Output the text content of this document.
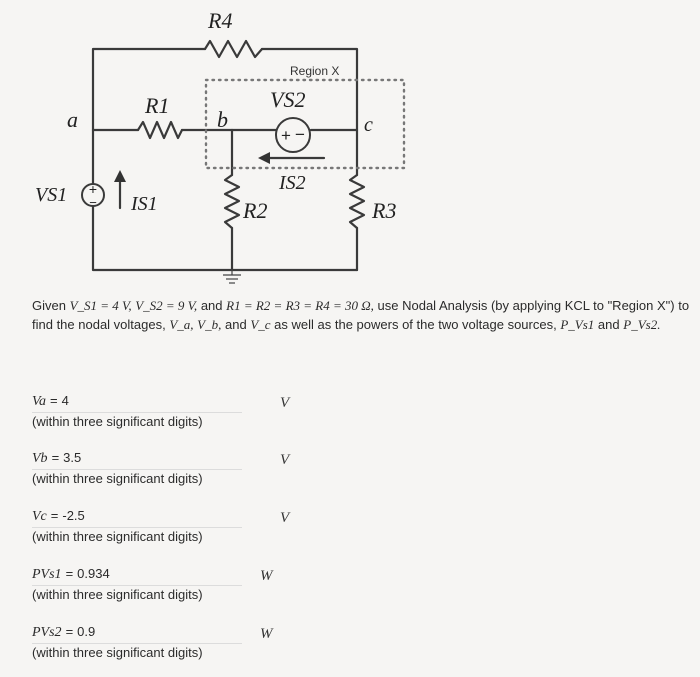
+
−
+ −
Region X
R4
R1
R2	R3
a	b	c
VS1	IS1
VS2
IS2
Given V_S1 = 4 V, V_S2 = 9 V, and R1 = R2 = R3 = R4 = 30 Ω, use Nodal Analysis (by applying KCL to "Region X") to find the nodal voltages, V_a, V_b, and V_c as well as the powers of the two voltage sources, P_Vs1 and P_Vs2.
Va = 4	V
(within three significant digits)
Vb = 3.5	V
(within three significant digits)
Vc = -2.5	V
(within three significant digits)
PVs1 = 0.934	W
(within three significant digits)
PVs2 = 0.9	W
(within three significant digits)
